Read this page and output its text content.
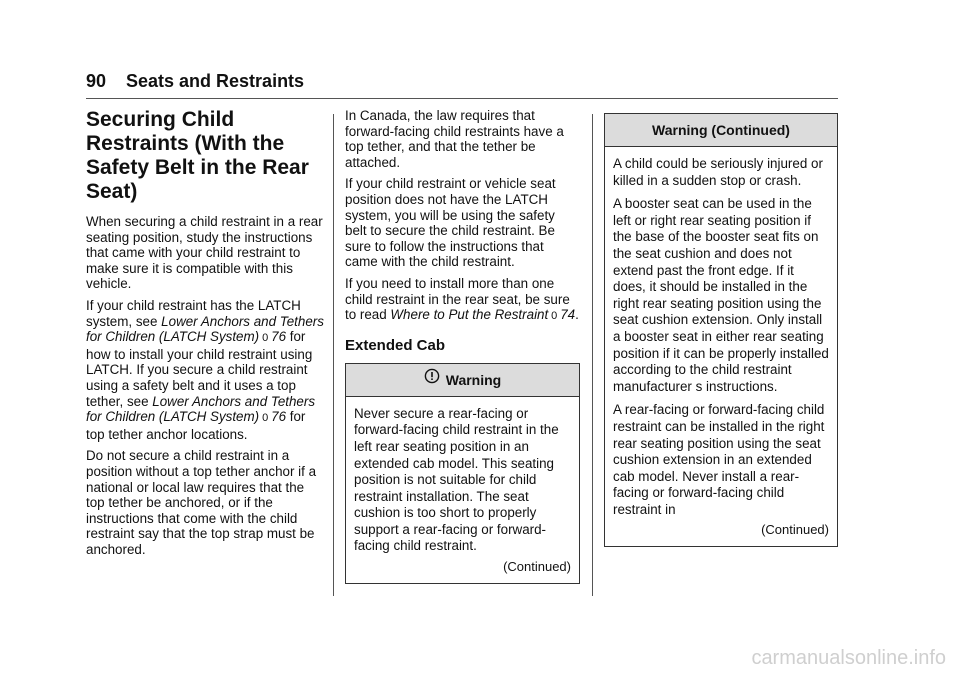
90 Seats and Restraints
Securing Child Restraints (With the Safety Belt in the Rear Seat)

When securing a child restraint in a rear seating position, study the instructions that came with your child restraint to make sure it is compatible with this vehicle.

If your child restraint has the LATCH system, see Lower Anchors and Tethers for Children (LATCH System) 0 76 for how to install your child restraint using LATCH. If you secure a child restraint using a safety belt and it uses a top tether, see Lower Anchors and Tethers for Children (LATCH System) 0 76 for top tether anchor locations.

Do not secure a child restraint in a position without a top tether anchor if a national or local law requires that the top tether be anchored, or if the instructions that come with the child restraint say that the top strap must be anchored.

In Canada, the law requires that forward-facing child restraints have a top tether, and that the tether be attached.

If your child restraint or vehicle seat position does not have the LATCH system, you will be using the safety belt to secure the child restraint. Be sure to follow the instructions that came with the child restraint.

If you need to install more than one child restraint in the rear seat, be sure to read Where to Put the Restraint 0 74.

Extended Cab
Warning

Never secure a rear-facing or forward-facing child restraint in the left rear seating position in an extended cab model. This seating position is not suitable for child restraint installation. The seat cushion is too short to properly support a rear-facing or forward-facing child restraint.

(Continued)
Warning (Continued)

A child could be seriously injured or killed in a sudden stop or crash.

A booster seat can be used in the left or right rear seating position if the base of the booster seat fits on the seat cushion and does not extend past the front edge. If it does, it should be installed in the right rear seating position using the seat cushion extension. Only install a booster seat in either rear seating position if it can be properly installed according to the child restraint manufacturer s instructions.

A rear-facing or forward-facing child restraint can be installed in the right rear seating position using the seat cushion extension in an extended cab model. Never install a rear-facing or forward-facing child restraint in

(Continued)
carmanualsonline.info
